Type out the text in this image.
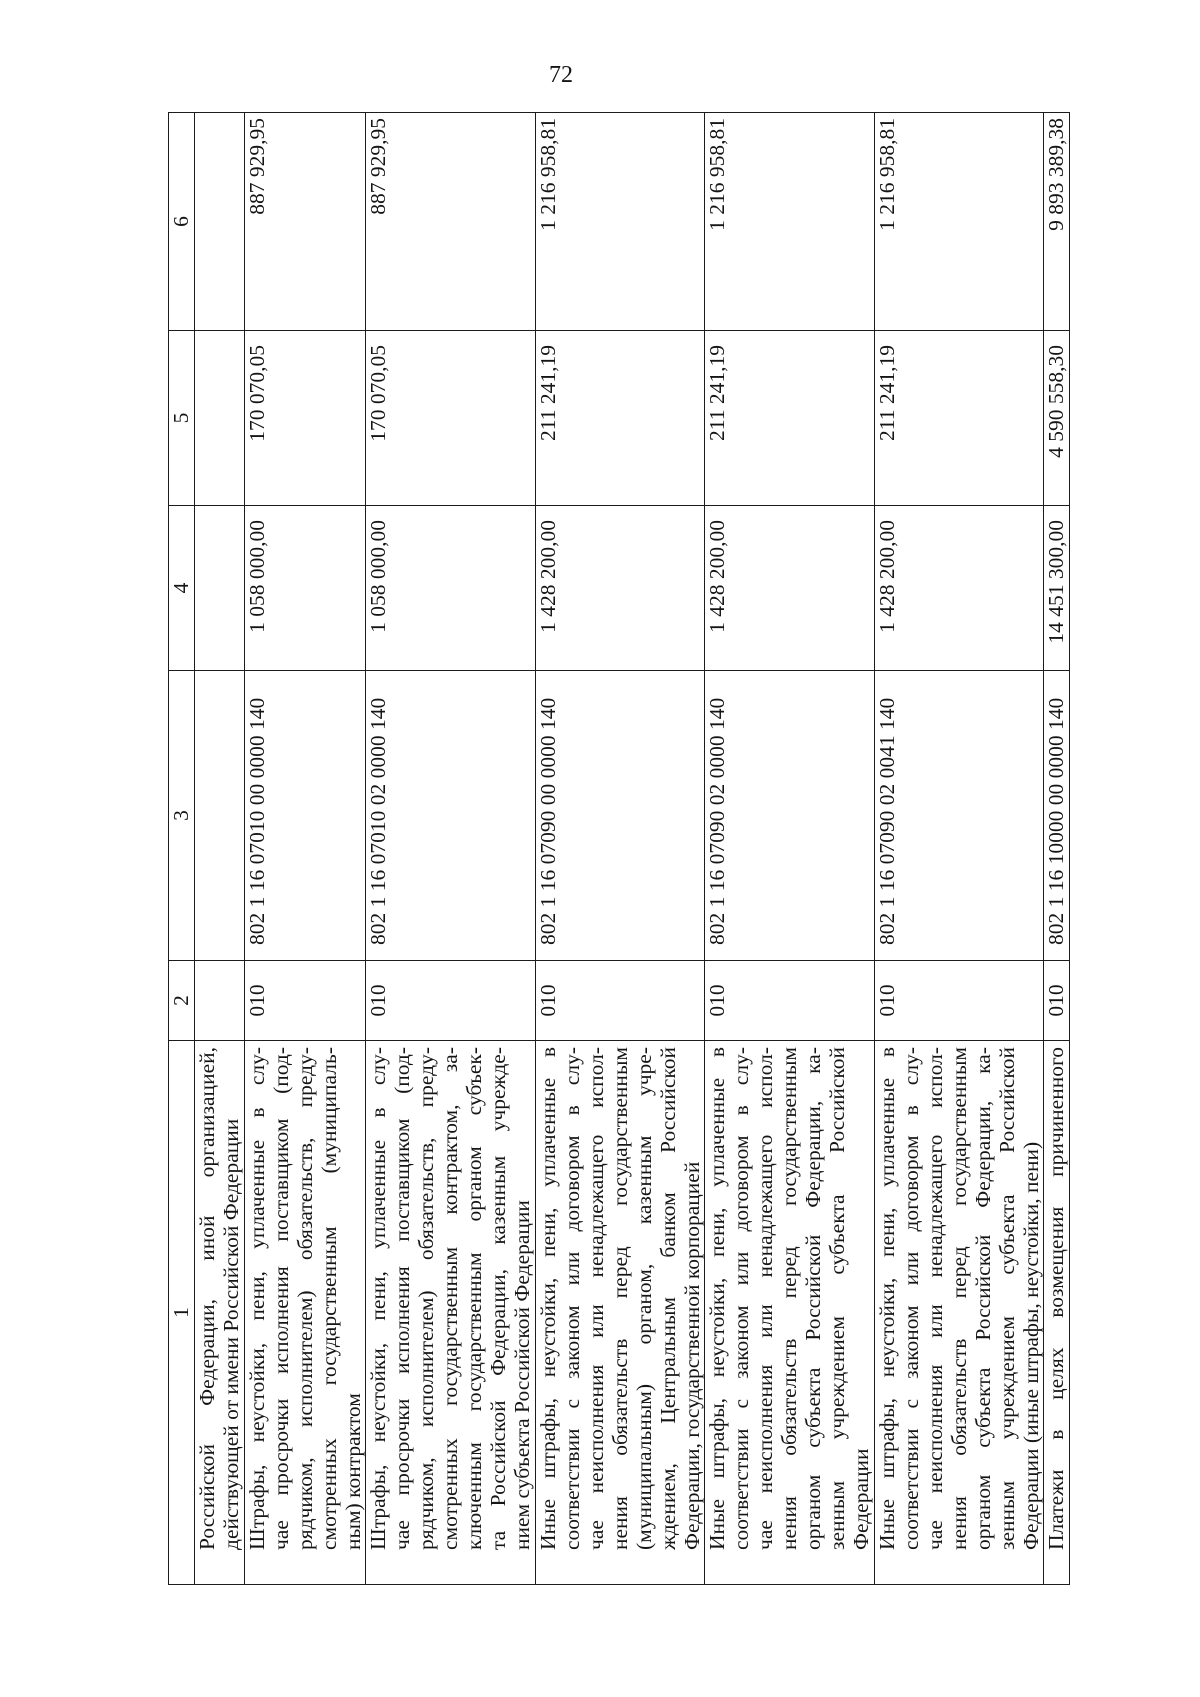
72
1
2
3
4
5
6
Российской Федерации, иной организацией, действующей от имени Российской Федерации Штрафы, неустойки, пени, уплаченные в слу- чае просрочки исполнения поставщиком (под- рядчиком, исполнителем) обязательств, преду- смотренных государственным (муниципаль- ным) контрактом
010
802 1 16 07010 00 0000 140
1 058 000,00
170 070,05
887 929,95
Штрафы, неустойки, пени, уплаченные в слу- чае просрочки исполнения поставщиком (под- рядчиком, исполнителем) обязательств, преду- смотренных государственным контрактом, за- ключенным государственным органом субъек- та Российской Федерации, казенным учрежде- нием субъекта Российской Федерации
010
802 1 16 07010 02 0000 140
1 058 000,00
170 070,05
887 929,95
Иные штрафы, неустойки, пени, уплаченные в соответствии с законом или договором в слу- чае неисполнения или ненадлежащего испол- нения обязательств перед государственным (муниципальным) органом, казенным учре- ждением, Центральным банком Российской Федерации, государственной корпорацией
010
802 1 16 07090 00 0000 140
1 428 200,00
211 241,19
1 216 958,81
Иные штрафы, неустойки, пени, уплаченные в соответствии с законом или договором в слу- чае неисполнения или ненадлежащего испол- нения обязательств перед государственным органом субъекта Российской Федерации, ка- зенным учреждением субъекта Российской Федерации
010
802 1 16 07090 02 0000 140
1 428 200,00
211 241,19
1 216 958,81
Иные штрафы, неустойки, пени, уплаченные в соответствии с законом или договором в слу- чае неисполнения или ненадлежащего испол- нения обязательств перед государственным органом субъекта Российской Федерации, ка- зенным учреждением субъекта Российской Федерации (иные штрафы, неустойки, пени)
010
802 1 16 07090 02 0041 140
1 428 200,00
211 241,19
1 216 958,81
Платежи в целях возмещения причиненного
010
802 1 16 10000 00 0000 140
14 451 300,00
4 590 558,30
9 893 389,38
